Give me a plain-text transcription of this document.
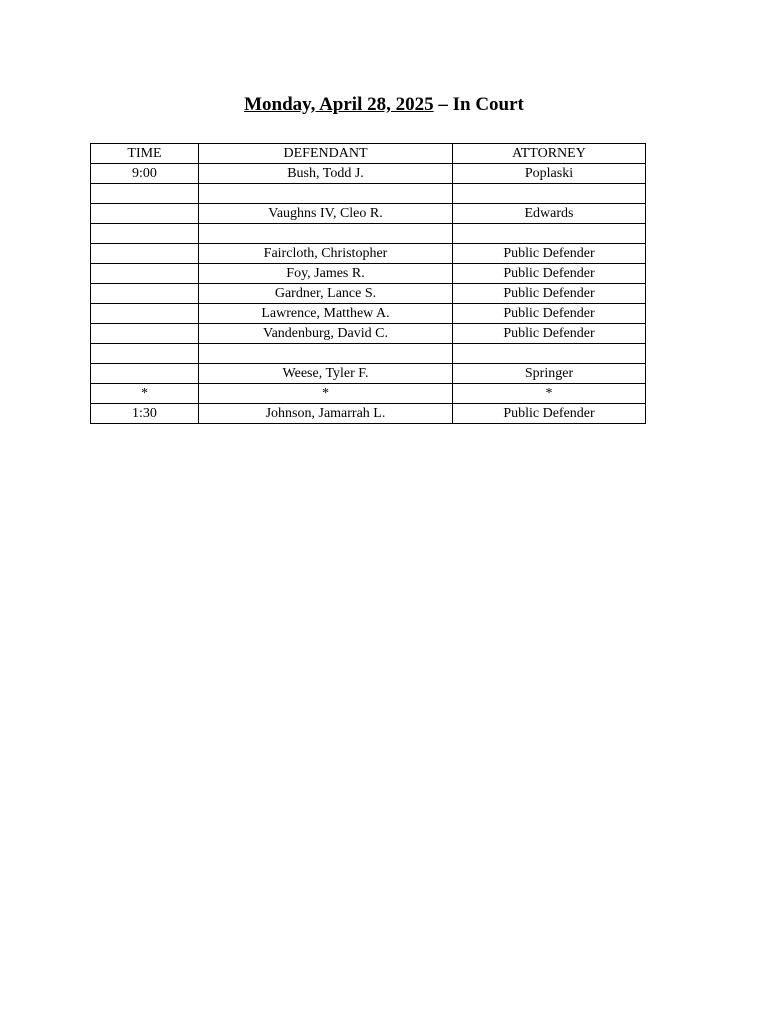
Monday, April 28, 2025 – In Court
TIME	DEFENDANT	ATTORNEY
9:00	Bush, Todd J.	Poplaski

	Vaughns IV, Cleo R.	Edwards

	Faircloth, Christopher	Public Defender
	Foy, James R.	Public Defender
	Gardner, Lance S.	Public Defender
	Lawrence, Matthew A.	Public Defender
	Vandenburg, David C.	Public Defender

	Weese, Tyler F.	Springer
*	*	*
1:30	Johnson, Jamarrah L.	Public Defender
